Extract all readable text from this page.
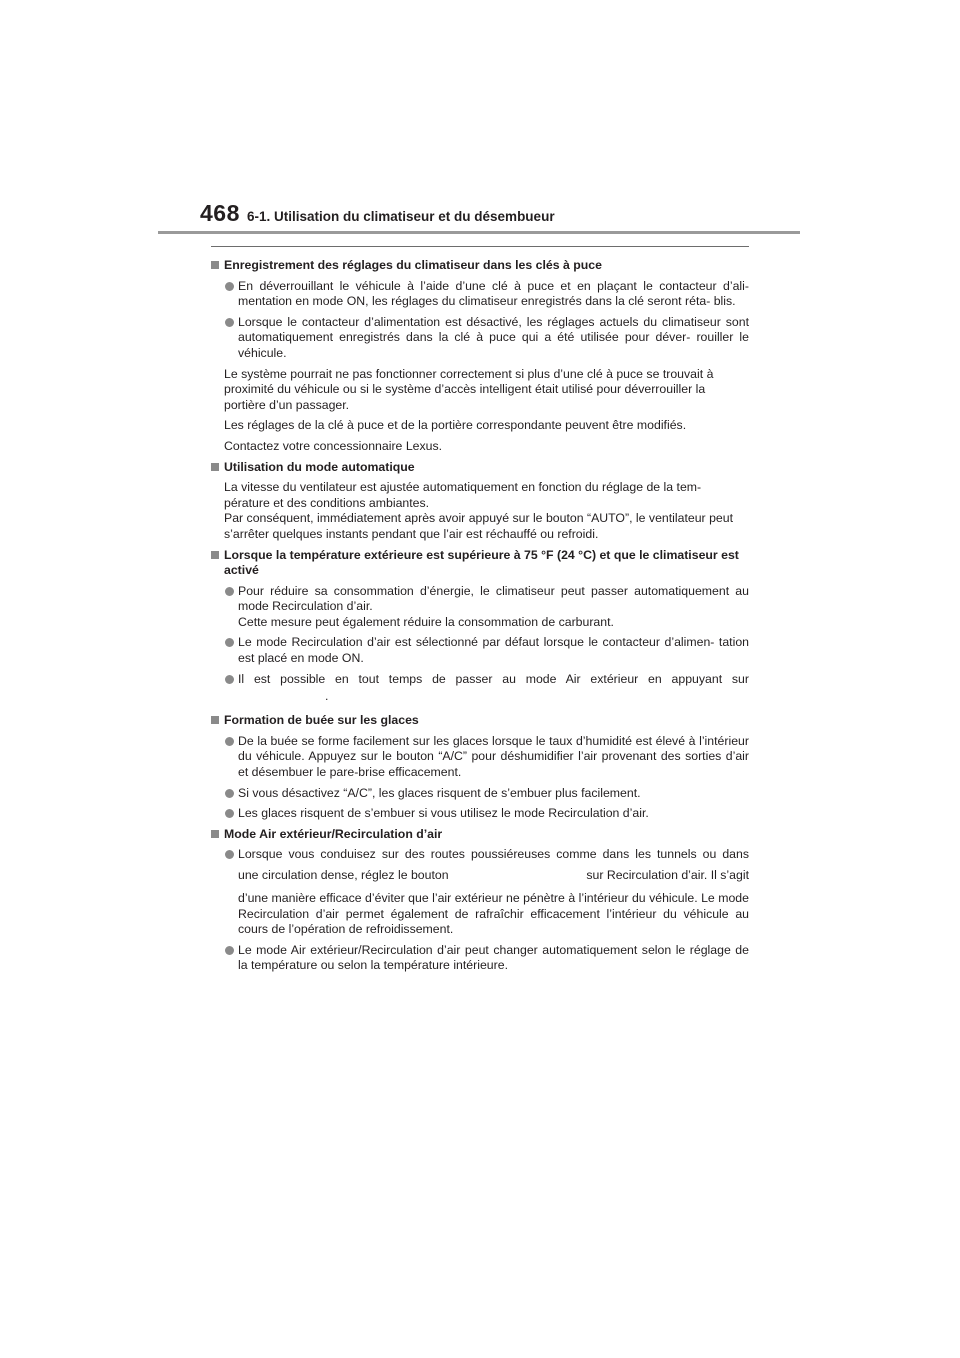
468 6-1. Utilisation du climatiseur et du désembueur
Enregistrement des réglages du climatiseur dans les clés à puce
En déverrouillant le véhicule à l’aide d’une clé à puce et en plaçant le contacteur d’ali- mentation en mode ON, les réglages du climatiseur enregistrés dans la clé seront réta- blis.
Lorsque le contacteur d’alimentation est désactivé, les réglages actuels du climatiseur sont automatiquement enregistrés dans la clé à puce qui a été utilisée pour déver- rouiller le véhicule.
Le système pourrait ne pas fonctionner correctement si plus d’une clé à puce se trouvait à proximité du véhicule ou si le système d’accès intelligent était utilisé pour déverrouiller la portière d’un passager.
Les réglages de la clé à puce et de la portière correspondante peuvent être modifiés.
Contactez votre concessionnaire Lexus.
Utilisation du mode automatique
La vitesse du ventilateur est ajustée automatiquement en fonction du réglage de la tem- pérature et des conditions ambiantes.
Par conséquent, immédiatement après avoir appuyé sur le bouton “AUTO”, le ventilateur peut s’arrêter quelques instants pendant que l’air est réchauffé ou refroidi.
Lorsque la température extérieure est supérieure à 75 °F (24 °C) et que le climatiseur est activé
Pour réduire sa consommation d’énergie, le climatiseur peut passer automatiquement au mode Recirculation d’air.
Cette mesure peut également réduire la consommation de carburant.
Le mode Recirculation d’air est sélectionné par défaut lorsque le contacteur d’alimen- tation est placé en mode ON.
Il est possible en tout temps de passer au mode Air extérieur en appuyant sur
.
Formation de buée sur les glaces
De la buée se forme facilement sur les glaces lorsque le taux d’humidité est élevé à l’intérieur du véhicule. Appuyez sur le bouton “A/C” pour déshumidifier l’air provenant des sorties d’air et désembuer le pare-brise efficacement.
Si vous désactivez “A/C”, les glaces risquent de s’embuer plus facilement.
Les glaces risquent de s’embuer si vous utilisez le mode Recirculation d’air.
Mode Air extérieur/Recirculation d’air
Lorsque vous conduisez sur des routes poussiéreuses comme dans les tunnels ou dans
une circulation dense, réglez le bouton	sur Recirculation d’air. Il s’agit
d’une manière efficace d’éviter que l’air extérieur ne pénètre à l’intérieur du véhicule. Le mode Recirculation d’air permet également de rafraîchir efficacement l’intérieur du véhicule au cours de l’opération de refroidissement.
Le mode Air extérieur/Recirculation d’air peut changer automatiquement selon le réglage de la température ou selon la température intérieure.
